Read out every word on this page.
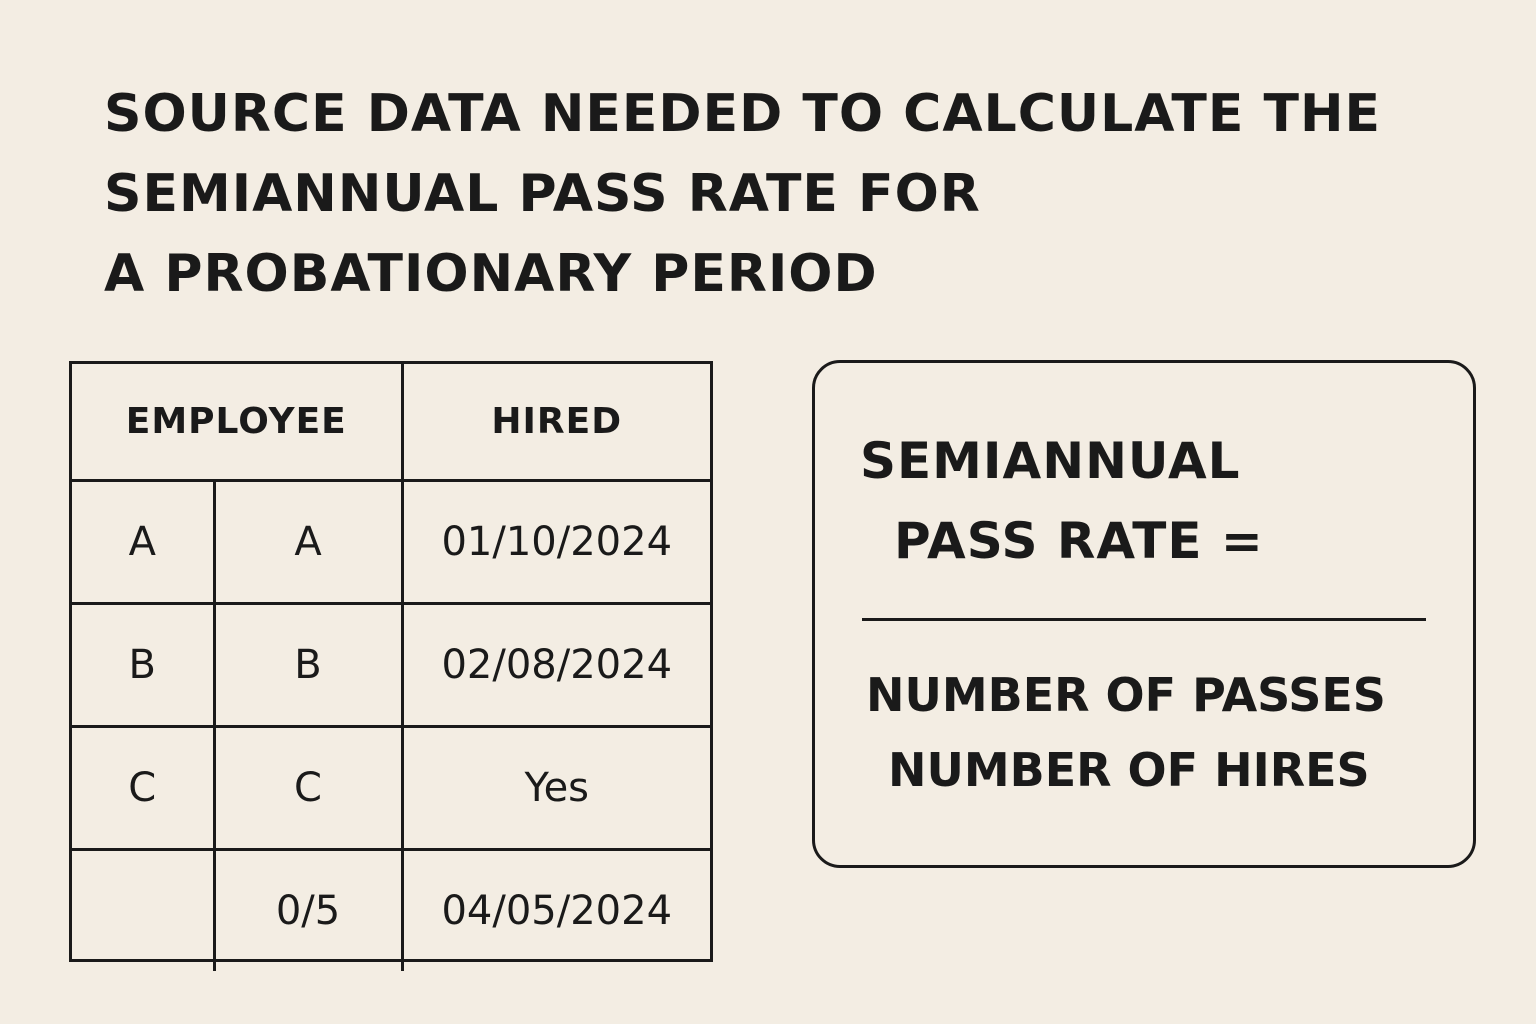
SOURCE DATA NEEDED TO CALCULATE THE
SEMIANNUAL PASS RATE FOR
A PROBATIONARY PERIOD
EMPLOYEE		HIRED
A	A	01/10/2024
B	B	02/08/2024
C	C	Yes
	0/5	04/05/2024
SEMIANNUAL
PASS RATE =
NUMBER OF PASSES
NUMBER OF HIRES
